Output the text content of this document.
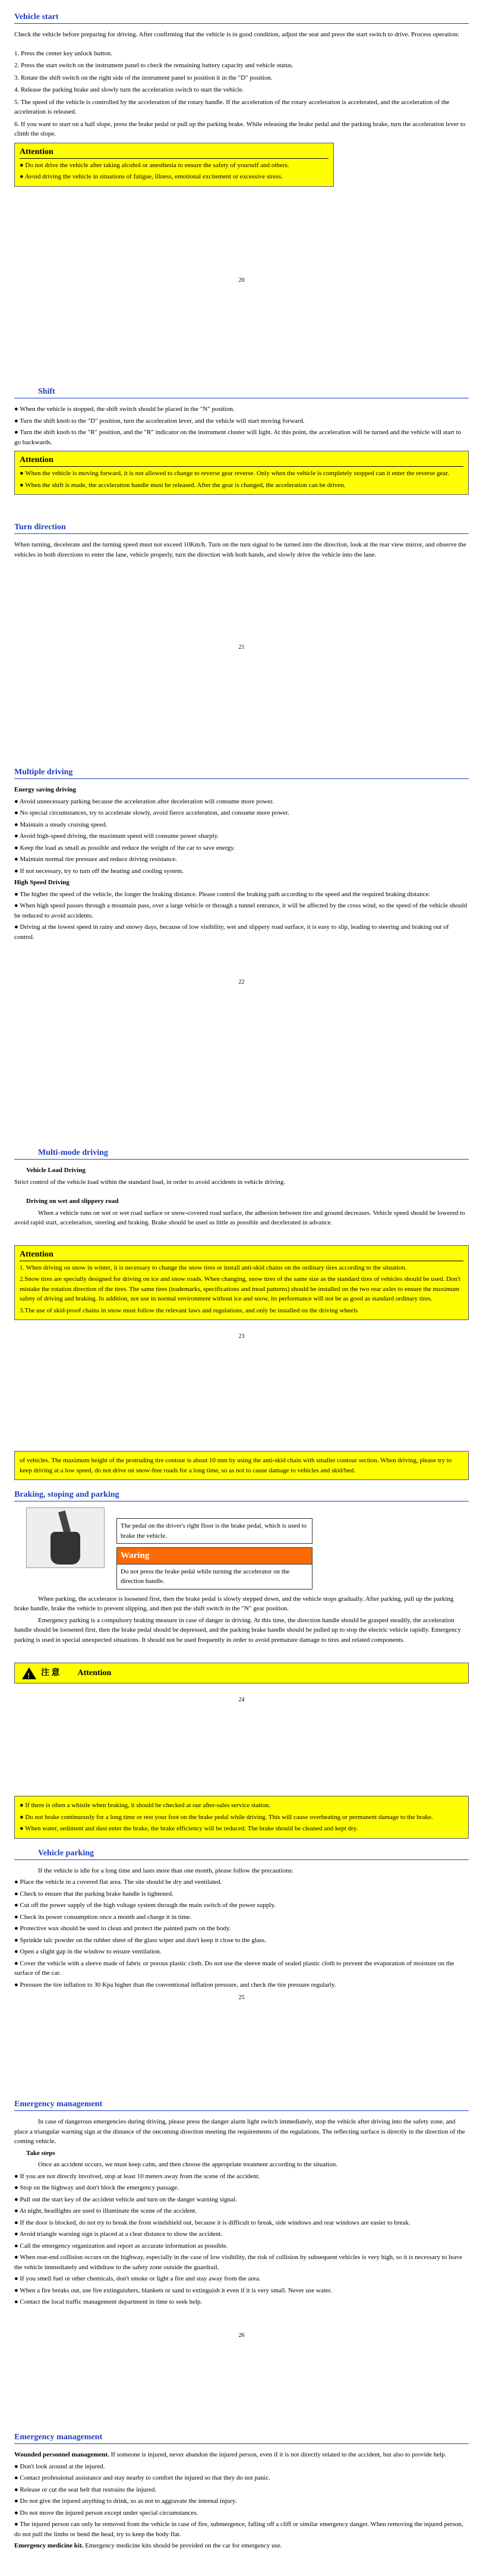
Vehicle start

Check the vehicle before preparing for driving. After confirming that the vehicle is in good condition, adjust the seat and press the start switch to drive. Process operation:

1. Press the center key unlock button.

2. Press the start switch on the instrument panel to check the remaining battery capacity and vehicle status.

3. Rotate the shift switch on the right side of the instrument panel to position it in the "D" position.

4. Release the parking brake and slowly turn the acceleration switch to start the vehicle.

5. The speed of the vehicle is controlled by the acceleration of the rotary handle. If the acceleration of the rotary acceleration is accelerated, and the acceleration of the acceleration is released.

6. If you want to start on a half slope, press the brake pedal or pull up the parking brake. While releasing the brake pedal and the parking brake, turn the acceleration lever to climb the slope.

Attention

● Do not drive the vehicle after taking alcohol or anesthesia to ensure the safety of yourself and others.

● Avoid driving the vehicle in situations of fatigue, illness, emotional excitement or excessive stress.

20
Shift

● When the vehicle is stopped, the shift switch should be placed in the "N" position.

● Turn the shift knob to the "D" position, turn the acceleration lever, and the vehicle will start moving forward.

● Turn the shift knob to the "R" position, and the "R" indicator on the instrument cluster will light. At this point, the acceleration will be turned and the vehicle will start to go backwards.

Attention

● When the vehicle is moving forward, it is not allowed to change to reverse gear reverse. Only when the vehicle is completely stopped can it enter the reverse gear.

● When the shift is made, the acceleration handle must be released. After the gear is changed, the acceleration can be driven.

Turn direction

When turning, decelerate and the turning speed must not exceed 10Km/h. Turn on the turn signal to be turned into the direction, look at the rear view mirror, and observe the vehicles in both directions to enter the lane, vehicle properly, turn the direction with both hands, and slowly drive the vehicle into the lane.

21
Multiple driving

Energy saving driving

● Avoid unnecessary parking because the acceleration after deceleration will consume more power.

● No special circumstances, try to accelerate slowly, avoid fierce acceleration, and consume more power.

● Maintain a steady cruising speed.

● Avoid high-speed driving, the maximum speed will consume power sharply.

● Keep the load as small as possible and reduce the weight of the car to save energy.

● Maintain normal tire pressure and reduce driving resistance.

● If not necessary, try to turn off the heating and cooling system.

High Speed Driving

● The higher the speed of the vehicle, the longer the braking distance. Please control the braking path according to the speed and the required braking distance.

● When high speed passes through a mountain pass, over a large vehicle or through a tunnel entrance, it will be affected by the cross wind, so the speed of the vehicle should be reduced to avoid accidents.

● Driving at the lowest speed in rainy and snowy days, because of low visibility, wet and slippery road surface, it is easy to slip, leading to steering and braking out of control.

22
Multi-mode driving

Vehicle Load Driving

Strict control of the vehicle load within the standard load, in order to avoid accidents in vehicle driving.

Driving on wet and slippery road

When a vehicle runs on wet or wet road surface or snow-covered road surface, the adhesion between tire and ground decreases. Vehicle speed should be lowered to avoid rapid start, acceleration, steering and braking. Brake should be used as little as possible and decelerated in advance.

Attention

1. When driving on snow in winter, it is necessary to change the snow tires or install anti-skid chains on the ordinary tires according to the situation.

2.Snow tires are specially designed for driving on ice and snow roads. When changing, snow tires of the same size as the standard tires of vehicles should be used. Don't mistake the rotation direction of the tires. The same tires (trademarks, specifications and tread patterns) should be installed on the two rear axles to ensure the maximum safety of driving and braking. In addition, not use in normal environment without ice and snow, its performance will not be as good as standard ordinary tires.

3.The use of skid-proof chains in snow must follow the relevant laws and regulations, and only be installed on the driving wheels

23

of vehicles. The maximum height of the protruding tire contour is about 10 mm by using the anti-skid chain with smaller contour section. When driving, please try to keep driving at a low speed, do not drive on snow-free roads for a long time, so as not to cause damage to vehicles and skid/bed.

Braking, stoping and parking
The pedal on the driver's right floor is the brake pedal, which is used to brake the vehicle.
Waring
Do not press the brake pedal while turning the accelerator on the direction handle.

When parking, the accelerator is loosened first, then the brake pedal is slowly stepped down, and the vehicle stops gradually. After parking, pull up the parking brake handle, brake the vehicle to prevent slipping, and then put the shift switch in the "N" gear position.

Emergency parking is a compulsory braking measure in case of danger in driving. At this time, the direction handle should be grasped steadily, the acceleration handle should be loosened first, then the brake pedal should be depressed, and the parking brake handle should be pulled up to stop the electric vehicle rapidly. Emergency parking is used in special unexpected situations. It should not be used frequently in order to avoid premature damage to tires and related components.

! 注 意 Attention
24

● If there is often a whistle when braking, it should be checked at our after-sales service station.

● Do not brake continuously for a long time or rest your foot on the brake pedal while driving. This will cause overheating or permanent damage to the brake.

● When water, sediment and dust enter the brake, the brake efficiency will be reduced. The brake should be cleaned and kept dry.

Vehicle parking

If the vehicle is idle for a long time and lasts more than one month, please follow the precautions:

● Place the vehicle in a covered flat area. The site should be dry and ventilated.

● Check to ensure that the parking brake handle is tightened.

● Cut off the power supply of the high voltage system through the main switch of the power supply.

● Check its power consumption once a month and charge it in time.

● Protective wax should be used to clean and protect the painted parts on the body.

● Sprinkle talc powder on the rubber sheet of the glass wiper and don't keep it close to the glass.

● Open a slight gap in the window to ensure ventilation.

● Cover the vehicle with a sleeve made of fabric or porous plastic cloth. Do not use the sleeve made of sealed plastic cloth to prevent the evaporation of moisture on the surface of the car.

● Pressure the tire inflation to 30 Kpa higher than the conventional inflation pressure, and check the tire pressure regularly.

25
Emergency management

In case of dangerous emergencies during driving, please press the danger alarm light switch immediately, stop the vehicle after driving into the safety zone, and place a triangular warning sign at the distance of the oncoming direction meeting the requirements of the regulations. The reflecting surface is directly in the direction of the coming vehicle.

Take steps

Once an accident occurs, we must keep calm, and then choose the appropriate treatment according to the situation.

● If you are not directly involved, stop at least 10 meters away from the scene of the accident.

● Stop on the highway and don't block the emergency passage.

● Pull out the start key of the accident vehicle and turn on the danger warning signal.

● At night, headlights are used to illuminate the scene of the accident.

● If the door is blocked, do not try to break the front windshield out, because it is difficult to break, side windows and rear windows are easier to break.

● Avoid triangle warning sign is placed at a clear distance to show the accident.

● Call the emergency organization and report as accurate information as possible.

● When rear-end collision occurs on the highway, especially in the case of low visibility, the risk of collision by subsequent vehicles is very high, so it is necessary to leave the vehicle immediately and withdraw to the safety zone outside the guardrail.

● If you smell fuel or other chemicals, don't smoke or light a fire and stay away from the area.

● When a fire breaks out, use fire extinguishers, blankets or sand to extinguish it even if it is very small. Never use water.

● Contact the local traffic management department in time to seek help.

26
Emergency management

Wounded personnel management. If someone is injured, never abandon the injured person, even if it is not directly related to the accident, but also to provide help.

● Don't look around at the injured.

● Contact professional assistance and stay nearby to comfort the injured so that they do not panic.

● Release or cut the seat belt that restrains the injured.

● Do not give the injured anything to drink, so as not to aggravate the internal injury.

● Do not move the injured person except under special circumstances.

● The injured person can only be removed from the vehicle in case of fire, submergence, falling off a cliff or similar emergency danger. When removing the injured person, do not pull the limbs or bend the head, try to keep the body flat.

Emergency medicine kit. Emergency medicine kits should be provided on the car for emergency use.
